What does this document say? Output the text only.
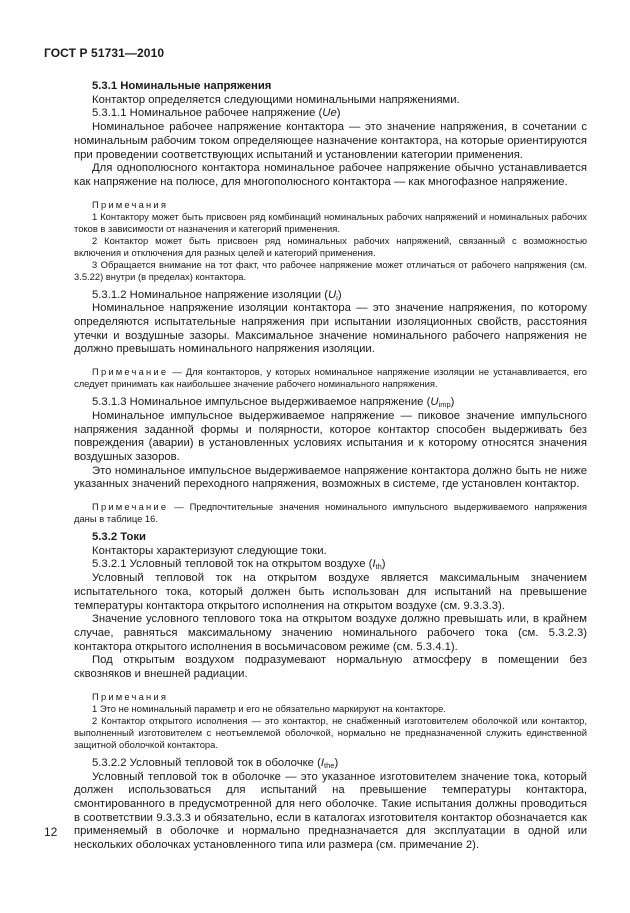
ГОСТ Р 51731—2010

5.3.1 Номинальные напряжения

Контактор определяется следующими номинальными напряжениями.

5.3.1.1 Номинальное рабочее напряжение (Ue)

Номинальное рабочее напряжение контактора — это значение напряжения, в сочетании с номинальным рабочим током определяющее назначение контактора, на которые ориентируются при проведении соответствующих испытаний и установлении категории применения.

Для однополюсного контактора номинальное рабочее напряжение обычно устанавливается как напряжение на полюсе, для многополюсного контактора — как многофазное напряжение.

Примечания

1 Контактору может быть присвоен ряд комбинаций номинальных рабочих напряжений и номинальных рабочих токов в зависимости от назначения и категорий применения.

2 Контактор может быть присвоен ряд номинальных рабочих напряжений, связанный с возможностью включения и отключения для разных целей и категорий применения.

3 Обращается внимание на тот факт, что рабочее напряжение может отличаться от рабочего напряжения (см. 3.5.22) внутри (в пределах) контактора.

5.3.1.2 Номинальное напряжение изоляции $(U_i)$

Номинальное напряжение изоляции контактора — это значение напряжения, по которому определяются испытательные напряжения при испытании изоляционных свойств, расстояния утечки и воздушные зазоры. Максимальное значение номинального рабочего напряжения не должно превышать номинального напряжения изоляции.

Примечание — Для контакторов, у которых номинальное напряжение изоляции не устанавливается, его следует принимать как наибольшее значение рабочего номинального напряжения.

5.3.1.3 Номинальное импульсное выдерживаемое напряжение $(U_{imp})$

Номинальное импульсное выдерживаемое напряжение — пиковое значение импульсного напряжения заданной формы и полярности, которое контактор способен выдерживать без повреждения (аварии) в установленных условиях испытания и к которому относятся значения воздушных зазоров.

Это номинальное импульсное выдерживаемое напряжение контактора должно быть не ниже указанных значений переходного напряжения, возможных в системе, где установлен контактор.

Примечание — Предпочтительные значения номинального импульсного выдерживаемого напряжения даны в таблице 16.

5.3.2 Токи

Контакторы характеризуют следующие токи.

5.3.2.1 Условный тепловой ток на открытом воздухе $(I_{th})$

Условный тепловой ток на открытом воздухе является максимальным значением испытательного тока, который должен быть использован для испытаний на превышение температуры контактора открытого исполнения на открытом воздухе (см. 9.3.3.3).

Значение условного теплового тока на открытом воздухе должно превышать или, в крайнем случае, равняться максимальному значению номинального рабочего тока (см. 5.3.2.3) контактора открытого исполнения в восьмичасовом режиме (см. 5.3.4.1).

Под открытым воздухом подразумевают нормальную атмосферу в помещении без сквозняков и внешней радиации.

Примечания

1 Это не номинальный параметр и его не обязательно маркируют на контакторе.

2 Контактор открытого исполнения — это контактор, не снабженный изготовителем оболочкой или контактор, выполненный изготовителем с неотъемлемой оболочкой, нормально не предназначенной служить единственной защитной оболочкой контактора.

5.3.2.2 Условный тепловой ток в оболочке $(I_{the})$

Условный тепловой ток в оболочке — это указанное изготовителем значение тока, который должен использоваться для испытаний на превышение температуры контактора, смонтированного в предусмотренной для него оболочке. Такие испытания должны проводиться в соответствии 9.3.3.3 и обязательно, если в каталогах изготовителя контактор обозначается как применяемый в оболочке и нормально предназначается для эксплуатации в одной или нескольких оболочках установленного типа или размера (см. примечание 2).

12
